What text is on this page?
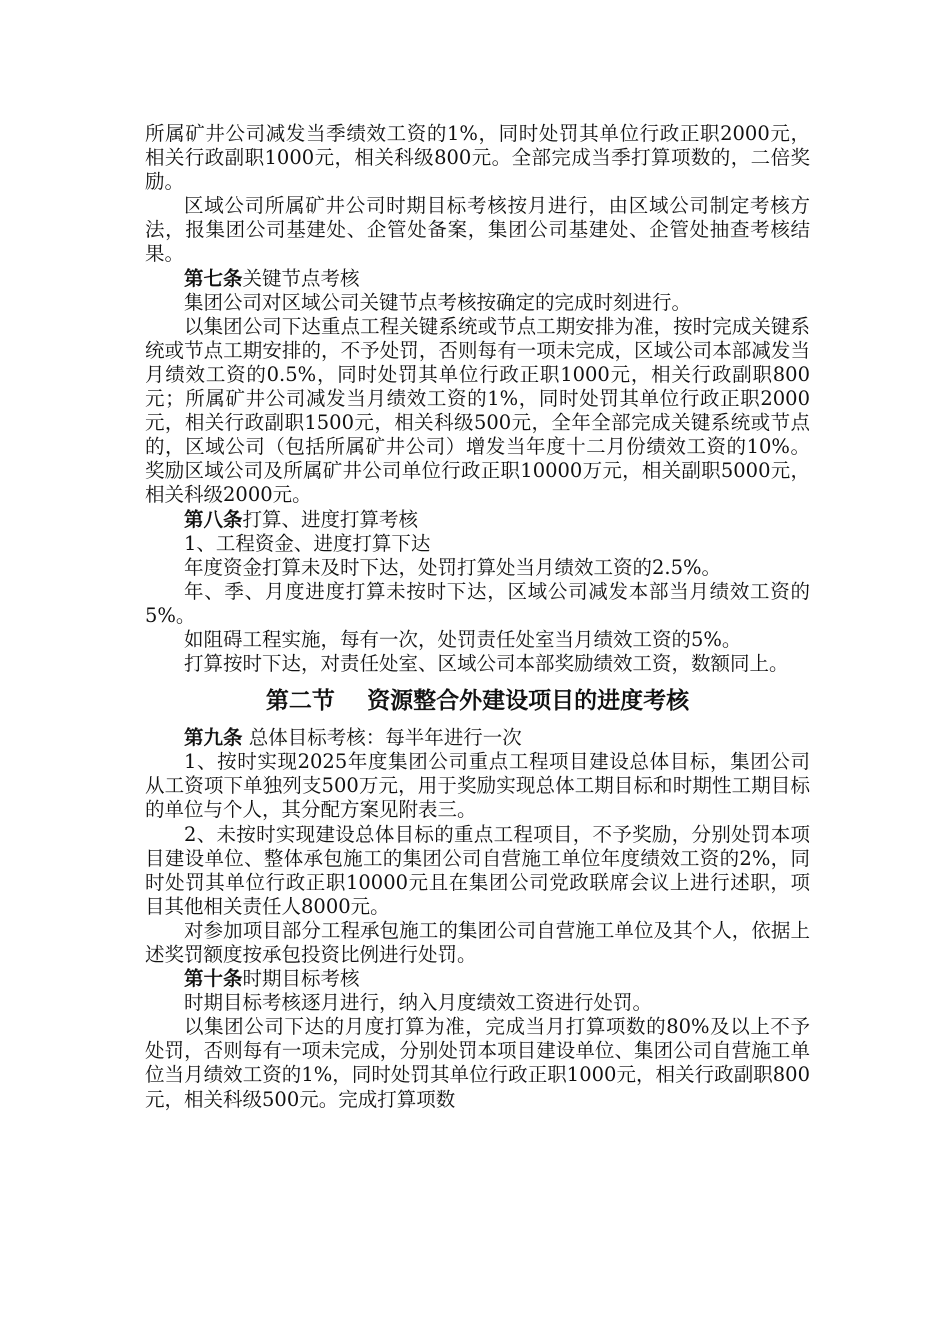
所属矿井公司减发当季绩效工资的1%，同时处罚其单位行政正职2000元，相关行政副职1000元，相关科级800元。全部完成当季打算项数的，二倍奖励。

区域公司所属矿井公司时期目标考核按月进行，由区域公司制定考核方法，报集团公司基建处、企管处备案，集团公司基建处、企管处抽查考核结果。

第七条关键节点考核

集团公司对区域公司关键节点考核按确定的完成时刻进行。

以集团公司下达重点工程关键系统或节点工期安排为准，按时完成关键系统或节点工期安排的，不予处罚，否则每有一项未完成，区域公司本部减发当月绩效工资的0.5%，同时处罚其单位行政正职1000元，相关行政副职800元；所属矿井公司减发当月绩效工资的1%，同时处罚其单位行政正职2000元，相关行政副职1500元，相关科级500元，全年全部完成关键系统或节点的，区域公司（包括所属矿井公司）增发当年度十二月份绩效工资的10%。奖励区域公司及所属矿井公司单位行政正职10000万元，相关副职5000元，相关科级2000元。

第八条打算、进度打算考核

1、工程资金、进度打算下达

年度资金打算未及时下达，处罚打算处当月绩效工资的2.5%。

年、季、月度进度打算未按时下达，区域公司减发本部当月绩效工资的5%。

如阻碍工程实施，每有一次，处罚责任处室当月绩效工资的5%。

打算按时下达，对责任处室、区域公司本部奖励绩效工资，数额同上。

第二节 资源整合外建设项目的进度考核

第九条 总体目标考核：每半年进行一次

1、按时实现2025年度集团公司重点工程项目建设总体目标，集团公司从工资项下单独列支500万元，用于奖励实现总体工期目标和时期性工期目标的单位与个人，其分配方案见附表三。

2、未按时实现建设总体目标的重点工程项目，不予奖励，分别处罚本项目建设单位、整体承包施工的集团公司自营施工单位年度绩效工资的2%，同时处罚其单位行政正职10000元且在集团公司党政联席会议上进行述职，项目其他相关责任人8000元。

对参加项目部分工程承包施工的集团公司自营施工单位及其个人，依据上述奖罚额度按承包投资比例进行处罚。

第十条时期目标考核

时期目标考核逐月进行，纳入月度绩效工资进行处罚。

以集团公司下达的月度打算为准，完成当月打算项数的80%及以上不予处罚，否则每有一项未完成，分别处罚本项目建设单位、集团公司自营施工单位当月绩效工资的1%，同时处罚其单位行政正职1000元，相关行政副职800元，相关科级500元。完成打算项数
